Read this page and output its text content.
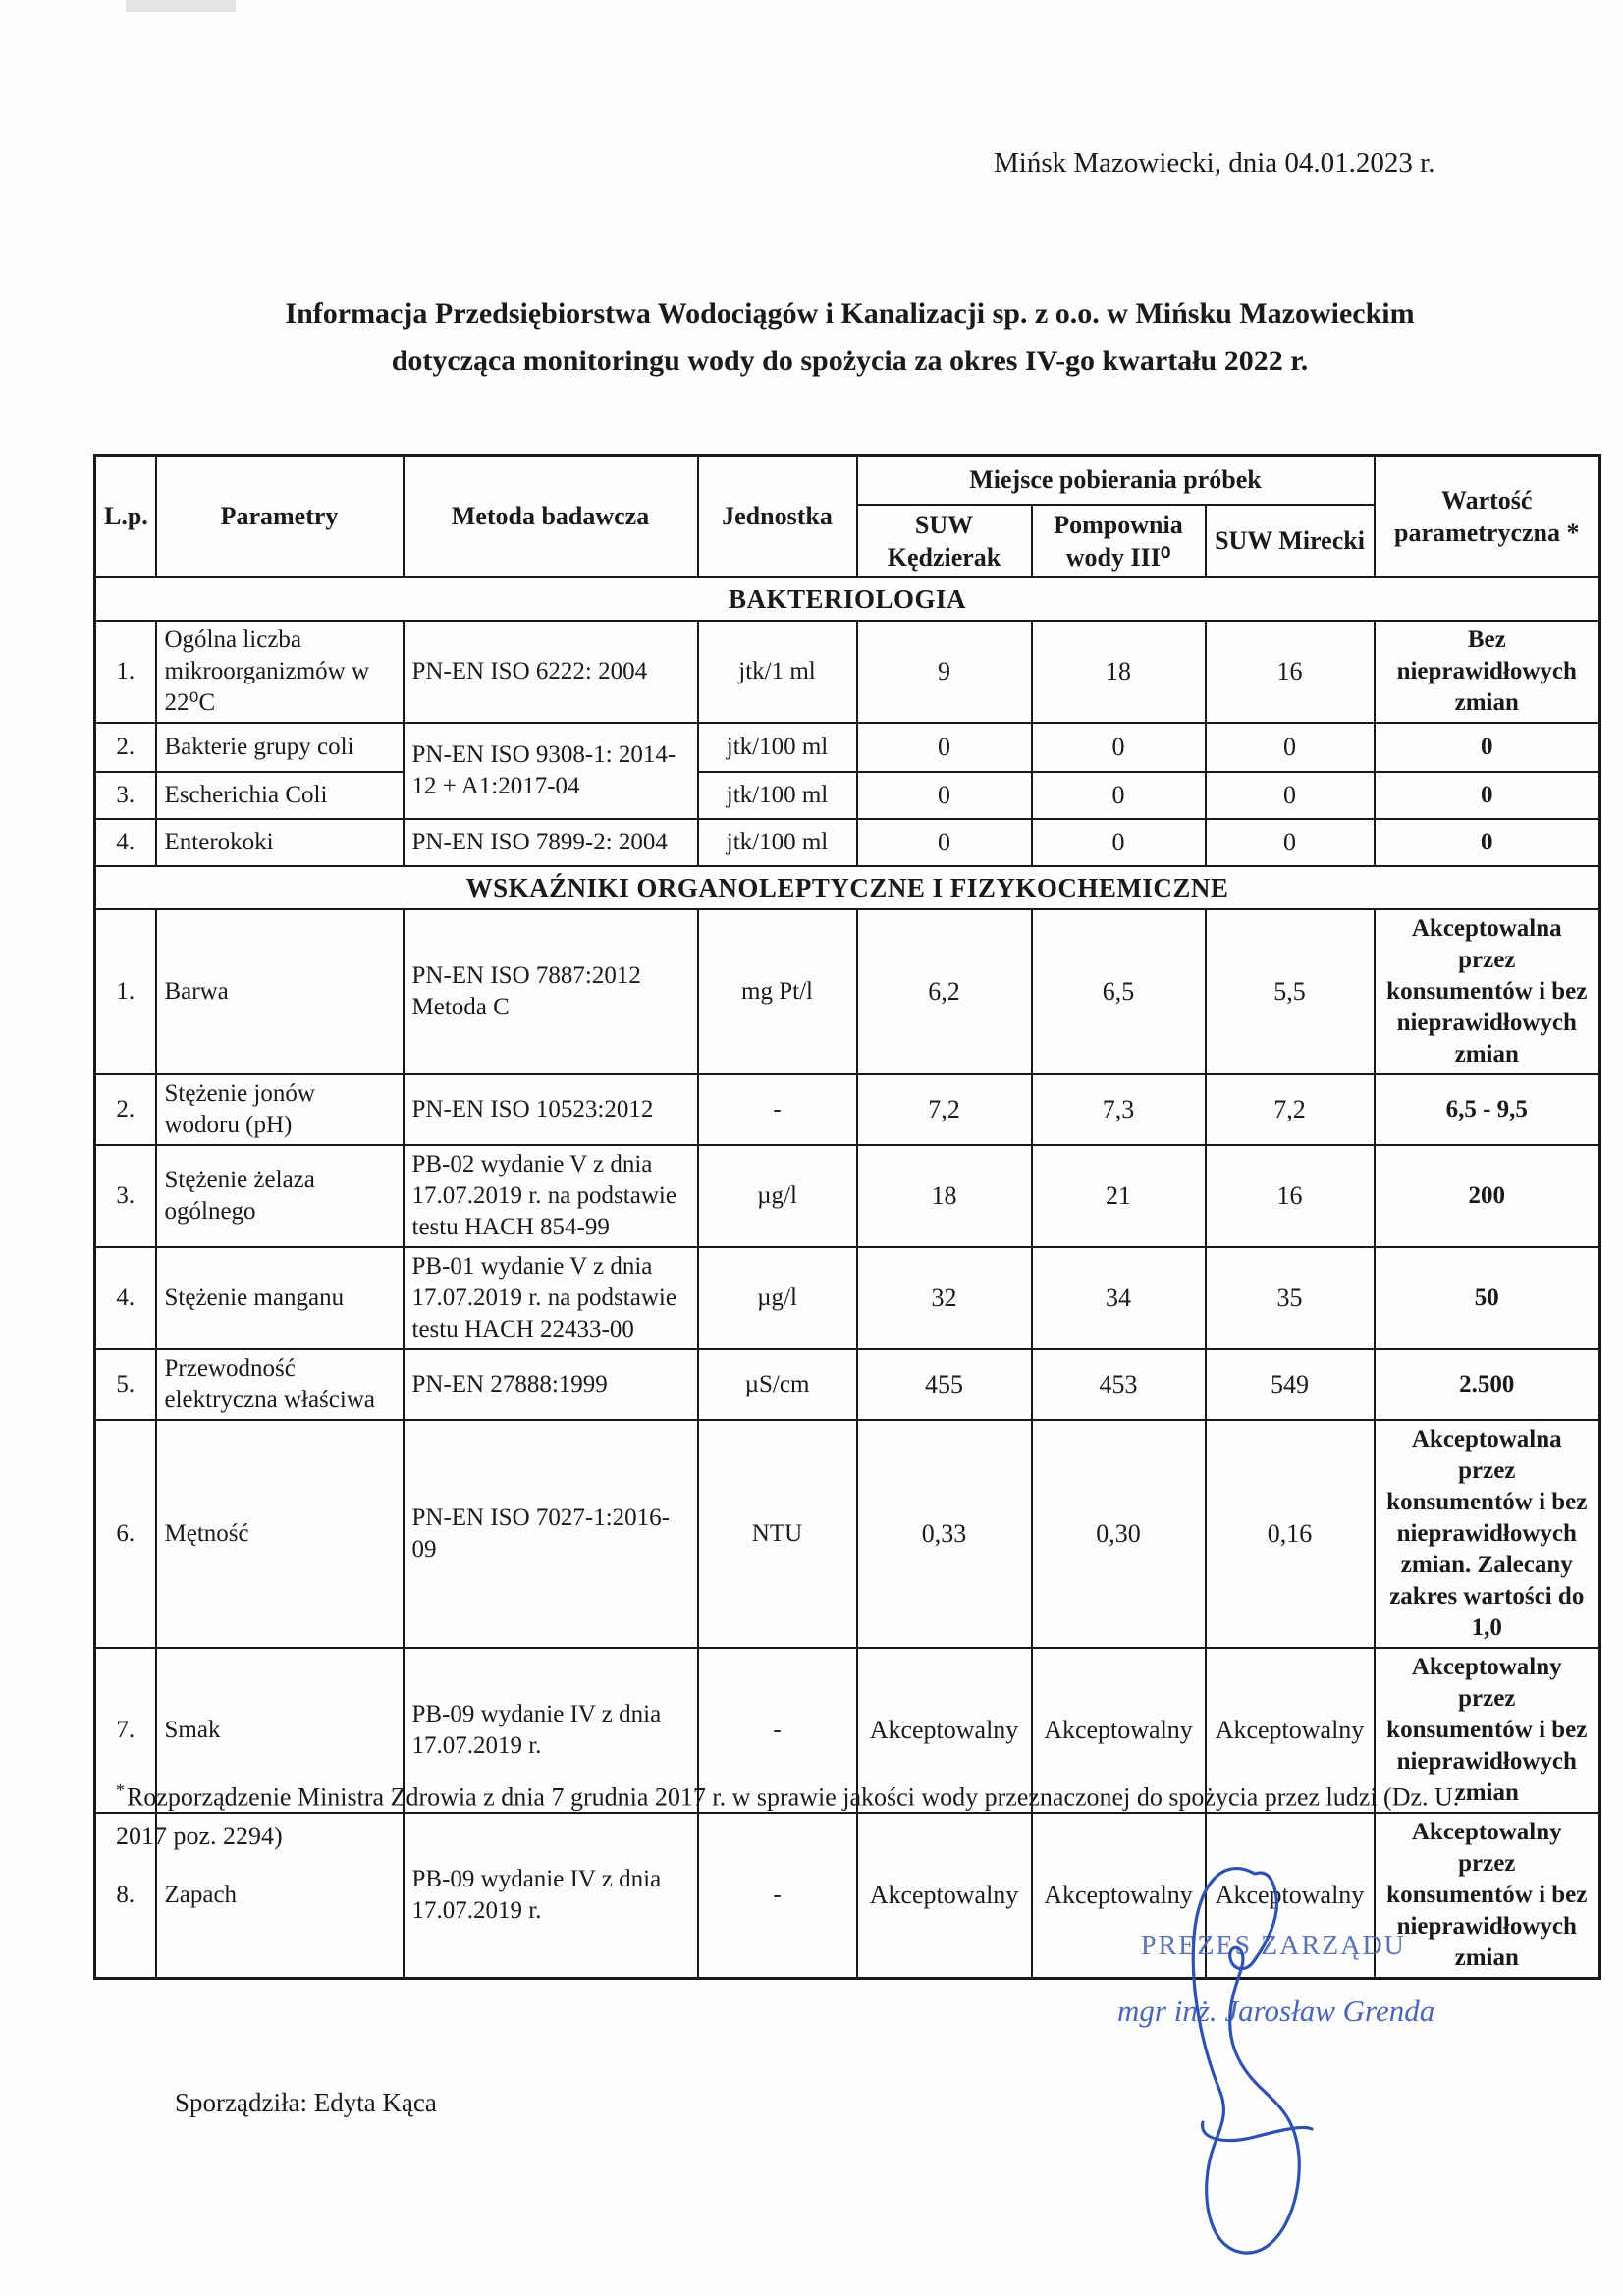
Mińsk Mazowiecki, dnia 04.01.2023 r.
Informacja Przedsiębiorstwa Wodociągów i Kanalizacji sp. z o.o. w Mińsku Mazowieckim
dotycząca monitoringu wody do spożycia za okres IV-go kwartału 2022 r.
L.p.	Parametry	Metoda badawcza	Jednostka	Miejsce pobierania próbek			Wartość parametryczna *
				SUW Kędzierak	Pompownia wody III⁰	SUW Mirecki	
BAKTERIOLOGIA							
1.	Ogólna liczba mikroorganizmów w 22⁰C	PN-EN ISO 6222: 2004	jtk/1 ml	9	18	16	Bez nieprawidłowych zmian
2.	Bakterie grupy coli	PN-EN ISO 9308-1: 2014-12 + A1:2017-04	jtk/100 ml	0	0	0	0
3.	Escherichia Coli		jtk/100 ml	0	0	0	0
4.	Enterokoki	PN-EN ISO 7899-2: 2004	jtk/100 ml	0	0	0	0
WSKAŹNIKI ORGANOLEPTYCZNE I FIZYKOCHEMICZNE							
1.	Barwa	PN-EN ISO 7887:2012 Metoda C	mg Pt/l	6,2	6,5	5,5	Akceptowalna przez konsumentów i bez nieprawidłowych zmian
2.	Stężenie jonów wodoru (pH)	PN-EN ISO 10523:2012	-	7,2	7,3	7,2	6,5 - 9,5
3.	Stężenie żelaza ogólnego	PB-02 wydanie V z dnia 17.07.2019 r. na podstawie testu HACH 854-99	µg/l	18	21	16	200
4.	Stężenie manganu	PB-01 wydanie V z dnia 17.07.2019 r. na podstawie testu HACH 22433-00	µg/l	32	34	35	50
5.	Przewodność elektryczna właściwa	PN-EN 27888:1999	µS/cm	455	453	549	2.500
6.	Mętność	PN-EN ISO 7027-1:2016-09	NTU	0,33	0,30	0,16	Akceptowalna przez konsumentów i bez nieprawidłowych zmian. Zalecany zakres wartości do 1,0
7.	Smak	PB-09 wydanie IV z dnia 17.07.2019 r.	-	Akceptowalny	Akceptowalny	Akceptowalny	Akceptowalny przez konsumentów i bez nieprawidłowych zmian
8.	Zapach	PB-09 wydanie IV z dnia 17.07.2019 r.	-	Akceptowalny	Akceptowalny	Akceptowalny	Akceptowalny przez konsumentów i bez nieprawidłowych zmian
*Rozporządzenie Ministra Zdrowia z dnia 7 grudnia 2017 r. w sprawie jakości wody przeznaczonej do spożycia przez ludzi (Dz. U. 2017 poz. 2294)
PREZES ZARZĄDU
mgr inż. Jarosław Grenda
Sporządziła: Edyta Kąca
